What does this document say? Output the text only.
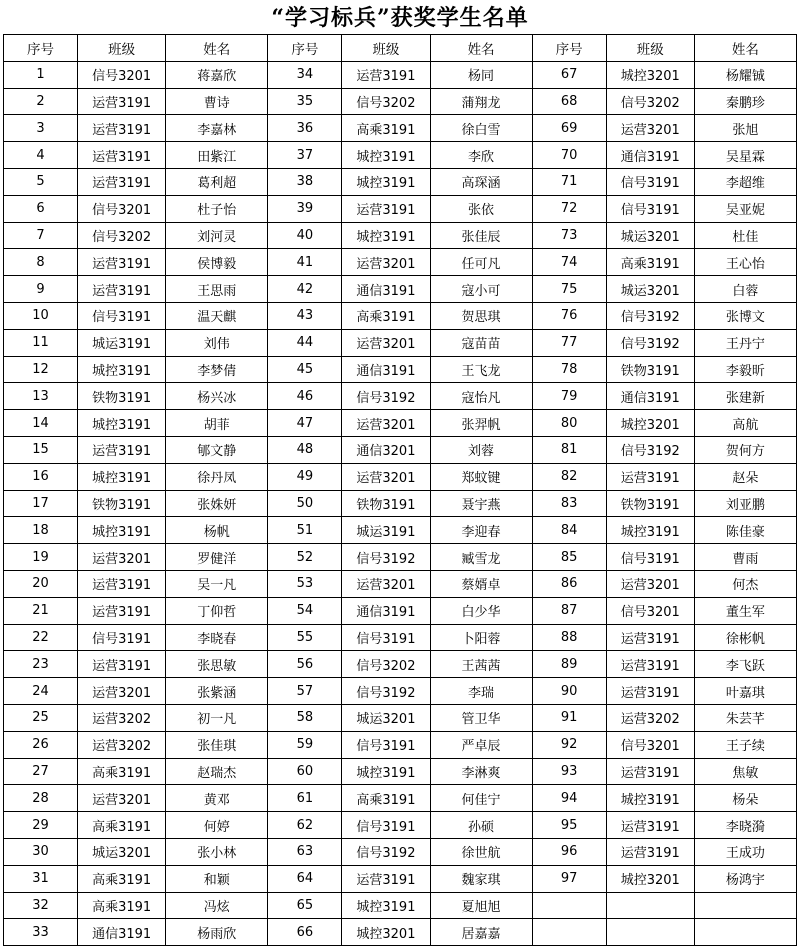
“学习标兵”获奖学生名单
序号	班级	姓名	序号	班级	姓名	序号	班级	姓名
1	信号3201	蒋嘉欣	34	运营3191	杨同	67	城控3201	杨耀铖
2	运营3191	曹诗	35	信号3202	蒲翔龙	68	信号3202	秦鹏珍
3	运营3191	李嘉林	36	高乘3191	徐白雪	69	运营3201	张旭
4	运营3191	田紫江	37	城控3191	李欣	70	通信3191	吴星霖
5	运营3191	葛利超	38	城控3191	高琛涵	71	信号3191	李超维
6	信号3201	杜子怡	39	运营3191	张依	72	信号3191	吴亚妮
7	信号3202	刘河灵	40	城控3191	张佳辰	73	城运3201	杜佳
8	运营3191	侯博毅	41	运营3201	任可凡	74	高乘3191	王心怡
9	运营3191	王思雨	42	通信3191	寇小可	75	城运3201	白蓉
10	信号3191	温天麒	43	高乘3191	贺思琪	76	信号3192	张博文
11	城运3191	刘伟	44	运营3201	寇苗苗	77	信号3192	王丹宁
12	城控3191	李梦倩	45	通信3191	王飞龙	78	铁物3191	李毅昕
13	铁物3191	杨兴冰	46	信号3192	寇怡凡	79	通信3191	张建新
14	城控3191	胡菲	47	运营3201	张羿帆	80	城控3201	高航
15	运营3191	郇文静	48	通信3201	刘蓉	81	信号3192	贺何方
16	城控3191	徐丹凤	49	运营3201	郑蚊键	82	运营3191	赵朵
17	铁物3191	张姝妍	50	铁物3191	聂宇燕	83	铁物3191	刘亚鹏
18	城控3191	杨帆	51	城运3191	李迎春	84	城控3191	陈佳豪
19	运营3201	罗健洋	52	信号3192	臧雪龙	85	信号3191	曹雨
20	运营3191	吴一凡	53	运营3201	蔡婿卓	86	运营3201	何杰
21	运营3191	丁仰哲	54	通信3191	白少华	87	信号3201	董生军
22	信号3191	李晓春	55	信号3191	卜阳蓉	88	运营3191	徐彬帆
23	运营3191	张思敏	56	信号3202	王茜茜	89	运营3191	李飞跃
24	运营3201	张紫涵	57	信号3192	李瑞	90	运营3191	叶嘉琪
25	运营3202	初一凡	58	城运3201	管卫华	91	运营3202	朱芸芊
26	运营3202	张佳琪	59	信号3191	严卓辰	92	信号3201	王子续
27	高乘3191	赵瑞杰	60	城控3191	李淋爽	93	运营3191	焦敏
28	运营3201	黄邓	61	高乘3191	何佳宁	94	城控3191	杨朵
29	高乘3191	何婷	62	信号3191	孙硕	95	运营3191	李晓漪
30	城运3201	张小林	63	信号3192	徐世航	96	运营3191	王成功
31	高乘3191	和颖	64	运营3191	魏家琪	97	城控3201	杨鸿宇
32	高乘3191	冯炫	65	城控3191	夏旭旭			
33	通信3191	杨雨欣	66	城控3201	居嘉嘉			
